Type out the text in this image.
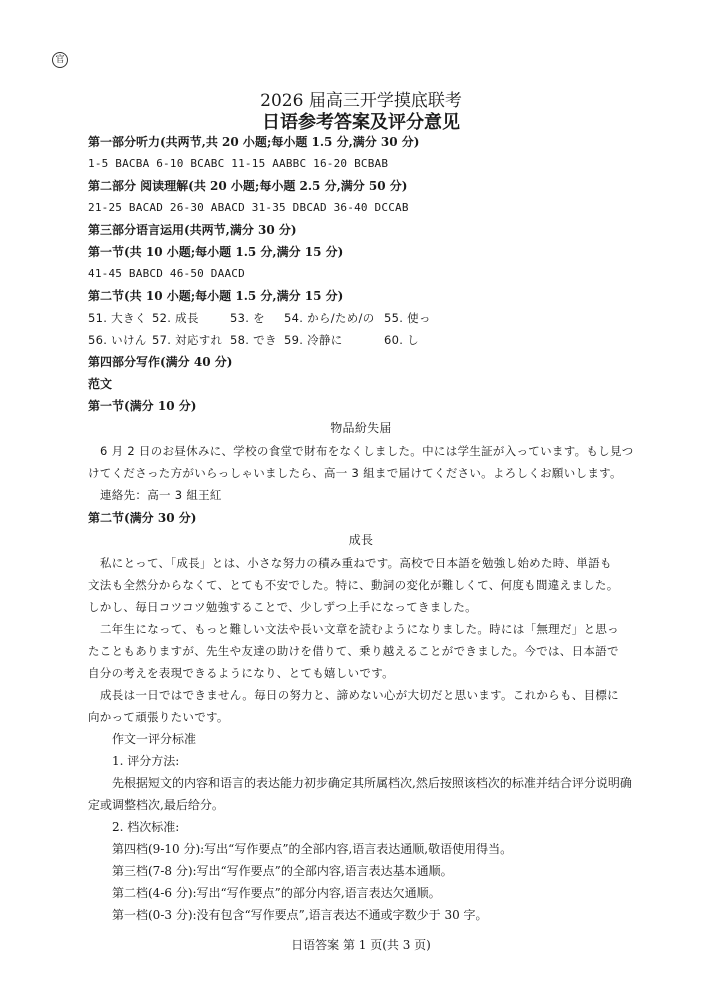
官
2026 届高三开学摸底联考
日语参考答案及评分意见
第一部分听力(共两节,共 20 小题;每小题 1.5 分,满分 30 分)
1-5 BACBA 6-10 BCABC 11-15 AABBC 16-20 BCBAB
第二部分 阅读理解(共 20 小题;每小题 2.5 分,满分 50 分)
21-25 BACAD 26-30 ABACD 31-35 DBCAD 36-40 DCCAB
第三部分语言运用(共两节,满分 30 分)
第一节(共 10 小题;每小题 1.5 分,满分 15 分)
41-45 BABCD 46-50 DAACD
第二节(共 10 小题;每小题 1.5 分,满分 15 分)
51. 大きく 52. 成長	53. を 54. から/ため/の 55. 使っ
56. いけん 57. 対応すれ 58. でき 59. 冷静に	60. し
第四部分写作(满分 40 分)
范文
第一节(满分 10 分)
物品紛失届
6 月 2 日のお昼休みに、学校の食堂で財布をなくしました。中には学生証が入っています。もし見つ
けてくださった方がいらっしゃいましたら、高一 3 組まで届けてください。よろしくお願いします。
連絡先：高一 3 組王紅
第二节(满分 30 分)
成長
私にとって、「成長」とは、小さな努力の積み重ねです。高校で日本語を勉強し始めた時、単語も
文法も全然分からなくて、とても不安でした。特に、動詞の変化が難しくて、何度も間違えました。
しかし、毎日コツコツ勉強することで、少しずつ上手になってきました。
二年生になって、もっと難しい文法や長い文章を読むようになりました。時には「無理だ」と思っ
たこともありますが、先生や友達の助けを借りて、乗り越えることができました。今では、日本語で
自分の考えを表現できるようになり、とても嬉しいです。
成長は一日ではできません。毎日の努力と、諦めない心が大切だと思います。これからも、目標に
向かって頑張りたいです。
作文一评分标准
1. 评分方法:
先根据短文的内容和语言的表达能力初步确定其所属档次,然后按照该档次的标准并结合评分说明确
定或调整档次,最后给分。
2. 档次标准:
第四档(9-10 分):写出“写作要点”的全部内容,语言表达通顺,敬语使用得当。
第三档(7-8 分):写出“写作要点”的全部内容,语言表达基本通顺。
第二档(4-6 分):写出“写作要点”的部分内容,语言表达欠通顺。
第一档(0-3 分):没有包含“写作要点”,语言表达不通或字数少于 30 字。
日语答案 第 1 页(共 3 页)
